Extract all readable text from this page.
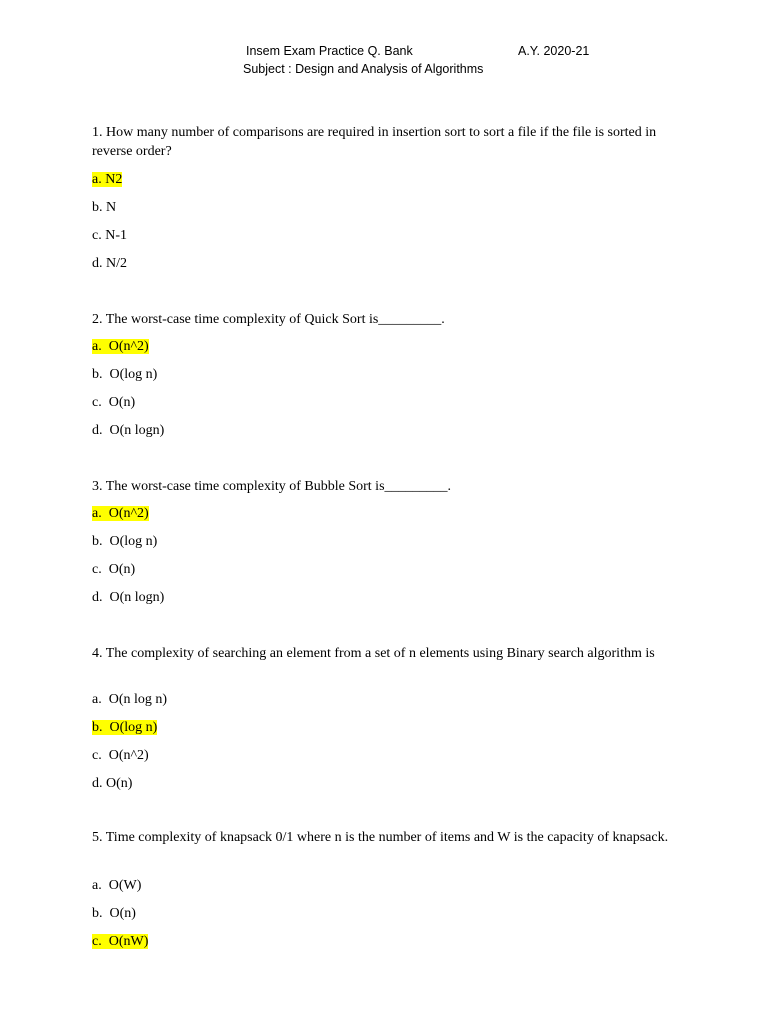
Insem Exam Practice Q. Bank	A.Y. 2020-21
Subject : Design and Analysis of Algorithms
1. How many number of comparisons are required in insertion sort to sort a file if the file is sorted in reverse order?
a. N2
b. N
c. N-1
d. N/2
2. The worst-case time complexity of Quick Sort is_________.
a.  O(n^2)
b.  O(log n)
c.  O(n)
d.  O(n logn)
3. The worst-case time complexity of Bubble Sort is_________.
a.  O(n^2)
b.  O(log n)
c.  O(n)
d.  O(n logn)
4. The complexity of searching an element from a set of n elements using Binary search algorithm is
a.  O(n log n)
b.  O(log n)
c.  O(n^2)
d. O(n)
5. Time complexity of knapsack 0/1 where n is the number of items and W is the capacity of knapsack.
a.  O(W)
b.  O(n)
c.  O(nW)
